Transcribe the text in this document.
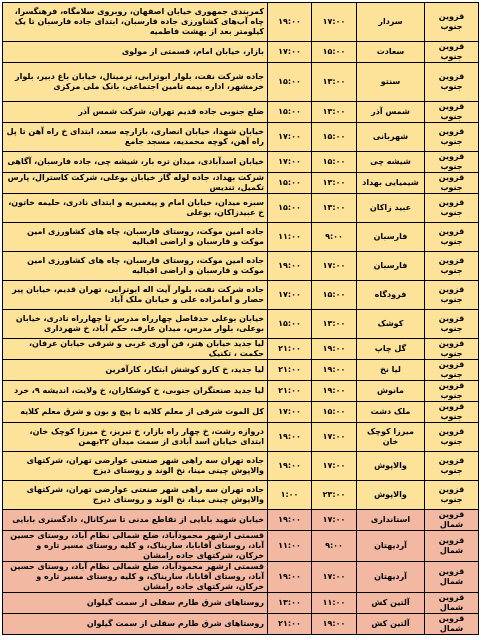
قزوین جنوب	سردار	۱۷:۰۰	۱۹:۰۰	کمربندی جمهوری خیابان اصفهان، روبروی سلامگاه، فرهنگسرا، چاه آب‌های کشاورزی جاده فارسبان، ابتدای جاده فارسبان تا یک کیلومتر بعد از بهشت فاطمیه
قزوین جنوب	سعادت	۱۵:۰۰	۱۷:۰۰	بازار، خیابان امام، قسمتی از مولوی
قزوین جنوب	سنتو	۱۳:۰۰	۱۵:۰۰	جاده شرکت نفت، بلوار ابوترابی، ترمینال، خیابان باغ دبیر، بلوار خرمشهر، اداره بیمه تامین اجتماعی، بانک ملی مرکزی
قزوین جنوب	شمس آذر	۱۳:۰۰	۱۵:۰۰	ضلع جنوبی جاده قدیم تهران، شرکت شمس آذر
قزوین جنوب	شهربانی	۱۵:۰۰	۱۷:۰۰	خیابان شهدا، خیابان انصاری، بازارچه سعد، ابتدای خ راه آهن تا پل راه آهن، کوچه محمدیه، مسجد جامع
قزوین جنوب	شیشه چی	۱۵:۰۰	۱۷:۰۰	خیابان اسدآبادی، میدان تره بار، شیشه چی، جاده فارسبان، آگاهی
قزوین جنوب	شیمیایی بهداد	۱۳:۰۰	۱۵:۰۰	شرکت بهداد، جاده لوله گاز خیابان بوعلی، شرکت کاسترال، پارس تکمیل، تندیس
قزوین جنوب	عبید زاکان	۱۳:۰۰	۱۵:۰۰	سبزه میدان، خیابان امام و پیغمبریه و ابتدای نادری، حلیمه خاتون، خ عبیدزاکان، بوعلی
قزوین جنوب	فارسبان	۹:۰۰	۱۱:۰۰	جاده امین موکت، روستای فارسبان، چاه های کشاورزی امین موکت و فارسبان و اراضی اقبالیه
قزوین جنوب	فارسبان	۱۷:۰۰	۱۹:۰۰	جاده امین موکت، روستای فارسبان، چاه های کشاورزی امین موکت و فارسبان و اراضی اقبالیه
قزوین جنوب	فرودگاه	۱۵:۰۰	۱۷:۰۰	جاده شرکت نفت، بلوار آیت اله ابوترابی، تهران قدیم، خیابان پیر حصار و امامزاده علی و خیابان ملک آباد
قزوین جنوب	کوشک	۱۳:۰۰	۱۵:۰۰	خیابان بوعلی حدفاصل چهارراه مدرس تا چهارراه نادری، خیابان بوعلی، بلوار مدرس، میدان عارف، حکم آباد، خ شهرداری
قزوین جنوب	گل چاپ	۱۹:۰۰	۲۱:۰۰	لیا جدید خیابان هنر، فن آوری غربی و شرقی خیابان عرفان، حکمت ، تکنیک
قزوین جنوب	لیا نخ	۱۹:۰۰	۲۱:۰۰	لیا جدید، خ کارو کوشش ابتکار، کارآفرین
قزوین جنوب	مانوش	۱۹:۰۰	۲۱:۰۰	لیا جدید صنعتگران جنوبی، خ کوشکاران، خ ولایت، اندیشه ۹، خرد
قزوین جنوب	ملک دشت	۱۵:۰۰	۱۷:۰۰	کل الموت شرقی از معلم کلایه تا پیچ و بون و شرق معلم کلایه
قزوین جنوب	میرزا کوچک خان	۱۷:۰۰	۱۹:۰۰	دروازه رشت، خ چهار راه بازار، خ تبریز، خ میرزا کوچک خان، ابتدای خیابان اسد آبادی از سمت میدان ۲۲بهمن
قزوین جنوب	والاپوش	۱۷:۰۰	۱۹:۰۰	جاده تهران سه راهی شهر صنعتی عوارضی تهران، شرکتهای والاپوش چینی مینا، نخ الوند و روستای دیزج
قزوین جنوب	والاپوش	۲۳:۰۰	۱:۰۰	جاده تهران سه راهی شهر صنعتی عوارضی تهران، شرکتهای والاپوش چینی مینا، نخ الوند و روستای دیزج
قزوین شمال	استانداری	۱۷:۰۰	۱۹:۰۰	خیابان شهید بابایی از تقاطع مدنی تا سرکانال، دادگستری بابایی
قزوین شمال	آردیهتان	۹:۰۰	۱۱:۰۰	قسمتی ازشهر محمودآباد، ضلع شمالی نظام آباد، روستای حسین آباد، روستای آقابابا، ساریناک، و کلیه روستای مسیر تاره و خرکان، شرکتهای جاده رامشان
قزوین شمال	آردیهتان	۱۷:۰۰	۱۹:۰۰	قسمتی ازشهر محمودآباد، ضلع شمالی نظام آباد، روستای حسین آباد، روستای آقابابا، ساریناک، و کلیه روستای مسیر تاره و خرکان، شرکتهای جاده رامشان
قزوین شمال	آلتین کش	۱۱:۰۰	۱۳:۰۰	روستاهای شرق طارم سفلی از سمت گیلوان
قزوین شمال	آلتین کش	۱۹:۰۰	۲۱:۰۰	روستاهای شرق طارم سفلی از سمت گیلوان
